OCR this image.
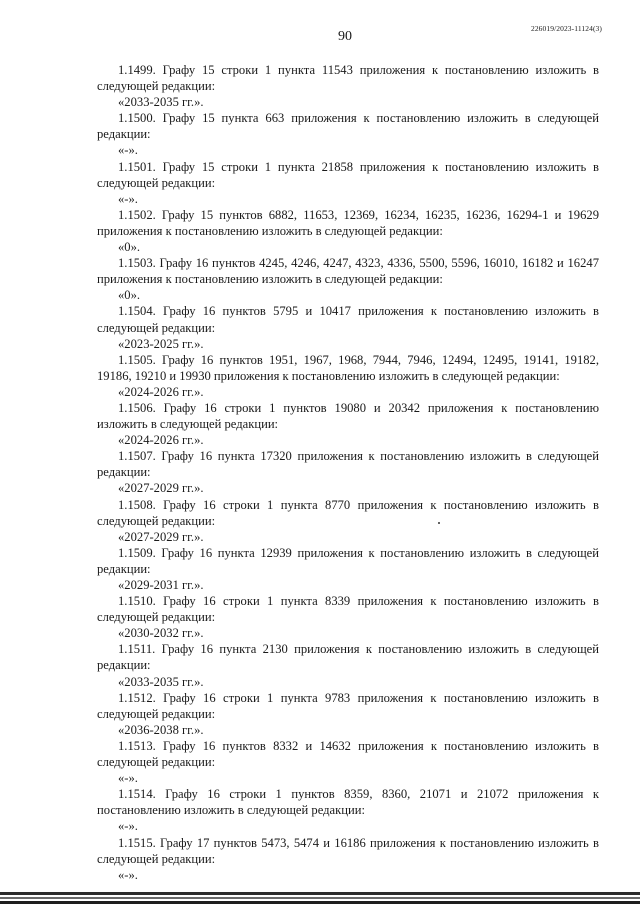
90
226019/2023-11124(3)

1.1499. Графу 15 строки 1 пункта 11543 приложения к постановлению изложить в следующей редакции:

«2033-2035 гг.».

1.1500. Графу 15 пункта 663 приложения к постановлению изложить в следующей редакции:

«-».

1.1501. Графу 15 строки 1 пункта 21858 приложения к постановлению изложить в следующей редакции:

«-».

1.1502. Графу 15 пунктов 6882, 11653, 12369, 16234, 16235, 16236, 16294-1 и 19629 приложения к постановлению изложить в следующей редакции:

«0».

1.1503. Графу 16 пунктов 4245, 4246, 4247, 4323, 4336, 5500, 5596, 16010, 16182 и 16247 приложения к постановлению изложить в следующей редакции:

«0».

1.1504. Графу 16 пунктов 5795 и 10417 приложения к постановлению изложить в следующей редакции:

«2023-2025 гг.».

1.1505. Графу 16 пунктов 1951, 1967, 1968, 7944, 7946, 12494, 12495, 19141, 19182, 19186, 19210 и 19930 приложения к постановлению изложить в следующей редакции:

«2024-2026 гг.».

1.1506. Графу 16 строки 1 пунктов 19080 и 20342 приложения к постановлению изложить в следующей редакции:

«2024-2026 гг.».

1.1507. Графу 16 пункта 17320 приложения к постановлению изложить в следующей редакции:

«2027-2029 гг.».

1.1508. Графу 16 строки 1 пункта 8770 приложения к постановлению изложить в следующей редакции:

«2027-2029 гг.».

1.1509. Графу 16 пункта 12939 приложения к постановлению изложить в следующей редакции:

«2029-2031 гг.».

1.1510. Графу 16 строки 1 пункта 8339 приложения к постановлению изложить в следующей редакции:

«2030-2032 гг.».

1.1511. Графу 16 пункта 2130 приложения к постановлению изложить в следующей редакции:

«2033-2035 гг.».

1.1512. Графу 16 строки 1 пункта 9783 приложения к постановлению изложить в следующей редакции:

«2036-2038 гг.».

1.1513. Графу 16 пунктов 8332 и 14632 приложения к постановлению изложить в следующей редакции:

«-».

1.1514. Графу 16 строки 1 пунктов 8359, 8360, 21071 и 21072 приложения к постановлению изложить в следующей редакции:

«-».

1.1515. Графу 17 пунктов 5473, 5474 и 16186 приложения к постановлению изложить в следующей редакции:

«-».
